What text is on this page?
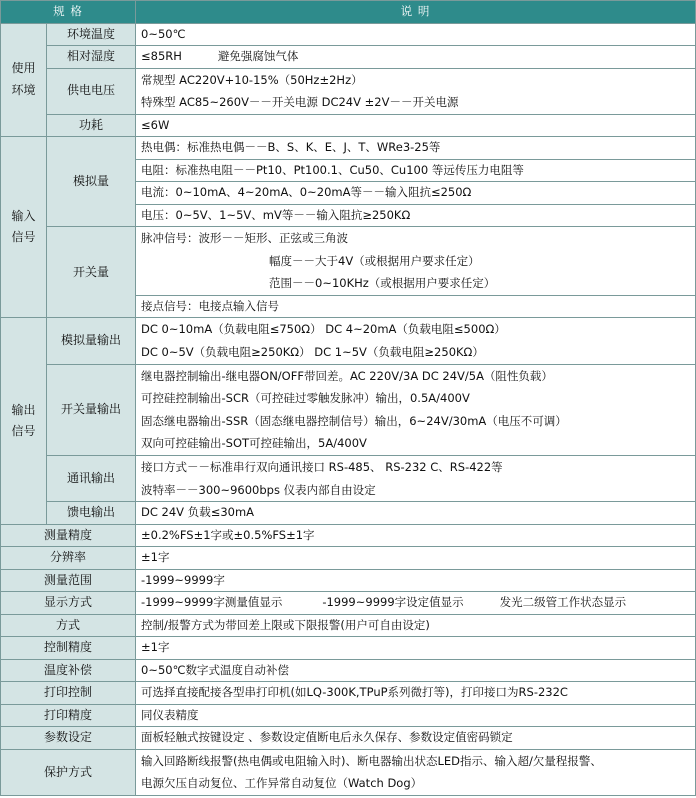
规 格		说 明
使用
环境	环境温度	0~50℃
	相对湿度	≤85RH 避免强腐蚀气体
	供电电压	常规型 AC220V+10-15%（50Hz±2Hz）
特殊型 AC85~260V－－开关电源 DC24V ±2V－－开关电源

	功耗	≤6W
输入
信号	模拟量	热电偶：标准热电偶－－B、S、K、E、J、T、WRe3-25等
		电阻：标准热电阻－－Pt10、Pt100.1、Cu50、Cu100 等远传压力电阻等
		电流：0~10mA、4~20mA、0~20mA等－－输入阻抗≤250Ω
		电压：0~5V、1~5V、mV等－－输入阻抗≥250KΩ
	开关量	脉冲信号：波形－－矩形、正弦或三角波
幅度－－大于4V（或根据用户要求任定）
范围－－0~10KHz（或根据用户要求任定）

		接点信号：电接点输入信号
输出
信号	模拟量输出	DC 0~10mA（负载电阻≤750Ω） DC 4~20mA（负载电阻≤500Ω）
DC 0~5V（负载电阻≥250KΩ） DC 1~5V（负载电阻≥250KΩ）

	开关量输出	继电器控制输出-继电器ON/OFF带回差。AC 220V/3A DC 24V/5A（阻性负载）
可控硅控制输出-SCR（可控硅过零触发脉冲）输出，0.5A/400V
固态继电器输出-SSR（固态继电器控制信号）输出，6~24V/30mA（电压不可调）
双向可控硅输出-SOT可控硅输出，5A/400V

	通讯输出	接口方式－－标准串行双向通讯接口 RS-485、 RS-232 C、RS-422等
波特率－－300~9600bps 仪表内部自由设定

	馈电输出	DC 24V 负载≤30mA
测量精度		±0.2%FS±1字或±0.5%FS±1字
分辨率		±1字
测量范围		-1999~9999字
显示方式		-1999~9999字测量值显示 -1999~9999字设定值显示 发光二级管工作状态显示
方式		控制/报警方式为带回差上限或下限报警(用户可自由设定)
控制精度		±1字
温度补偿		0~50℃数字式温度自动补偿
打印控制		可选择直接配接各型串打印机(如LQ-300K,TPuP系列微打等)，打印接口为RS-232C
打印精度		同仪表精度
参数设定		面板轻触式按键设定 、参数设定值断电后永久保存、参数设定值密码锁定
保护方式		输入回路断线报警(热电偶或电阻输入时)、断电器输出状态LED指示、输入超/欠量程报警、
电源欠压自动复位、工作异常自动复位（Watch Dog）
